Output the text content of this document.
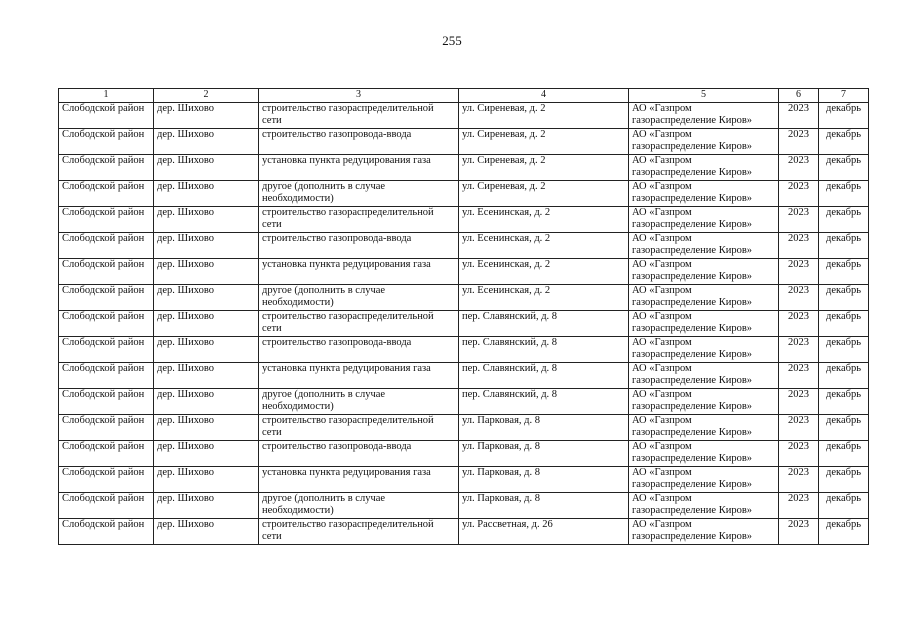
255
1	2	3	4	5	6	7
Слободской район	дер. Шихово	строительство газораспределительной сети	ул. Сиреневая, д. 2	АО «Газпром газораспределение Киров»	2023	декабрь
Слободской район	дер. Шихово	строительство газопровода-ввода	ул. Сиреневая, д. 2	АО «Газпром газораспределение Киров»	2023	декабрь
Слободской район	дер. Шихово	установка пункта редуцирования газа	ул. Сиреневая, д. 2	АО «Газпром газораспределение Киров»	2023	декабрь
Слободской район	дер. Шихово	другое (дополнить в случае необходимости)	ул. Сиреневая, д. 2	АО «Газпром газораспределение Киров»	2023	декабрь
Слободской район	дер. Шихово	строительство газораспределительной сети	ул. Есенинская, д. 2	АО «Газпром газораспределение Киров»	2023	декабрь
Слободской район	дер. Шихово	строительство газопровода-ввода	ул. Есенинская, д. 2	АО «Газпром газораспределение Киров»	2023	декабрь
Слободской район	дер. Шихово	установка пункта редуцирования газа	ул. Есенинская, д. 2	АО «Газпром газораспределение Киров»	2023	декабрь
Слободской район	дер. Шихово	другое (дополнить в случае необходимости)	ул. Есенинская, д. 2	АО «Газпром газораспределение Киров»	2023	декабрь
Слободской район	дер. Шихово	строительство газораспределительной сети	пер. Славянский, д. 8	АО «Газпром газораспределение Киров»	2023	декабрь
Слободской район	дер. Шихово	строительство газопровода-ввода	пер. Славянский, д. 8	АО «Газпром газораспределение Киров»	2023	декабрь
Слободской район	дер. Шихово	установка пункта редуцирования газа	пер. Славянский, д. 8	АО «Газпром газораспределение Киров»	2023	декабрь
Слободской район	дер. Шихово	другое (дополнить в случае необходимости)	пер. Славянский, д. 8	АО «Газпром газораспределение Киров»	2023	декабрь
Слободской район	дер. Шихово	строительство газораспределительной сети	ул. Парковая, д. 8	АО «Газпром газораспределение Киров»	2023	декабрь
Слободской район	дер. Шихово	строительство газопровода-ввода	ул. Парковая, д. 8	АО «Газпром газораспределение Киров»	2023	декабрь
Слободской район	дер. Шихово	установка пункта редуцирования газа	ул. Парковая, д. 8	АО «Газпром газораспределение Киров»	2023	декабрь
Слободской район	дер. Шихово	другое (дополнить в случае необходимости)	ул. Парковая, д. 8	АО «Газпром газораспределение Киров»	2023	декабрь
Слободской район	дер. Шихово	строительство газораспределительной сети	ул. Рассветная, д. 26	АО «Газпром газораспределение Киров»	2023	декабрь
